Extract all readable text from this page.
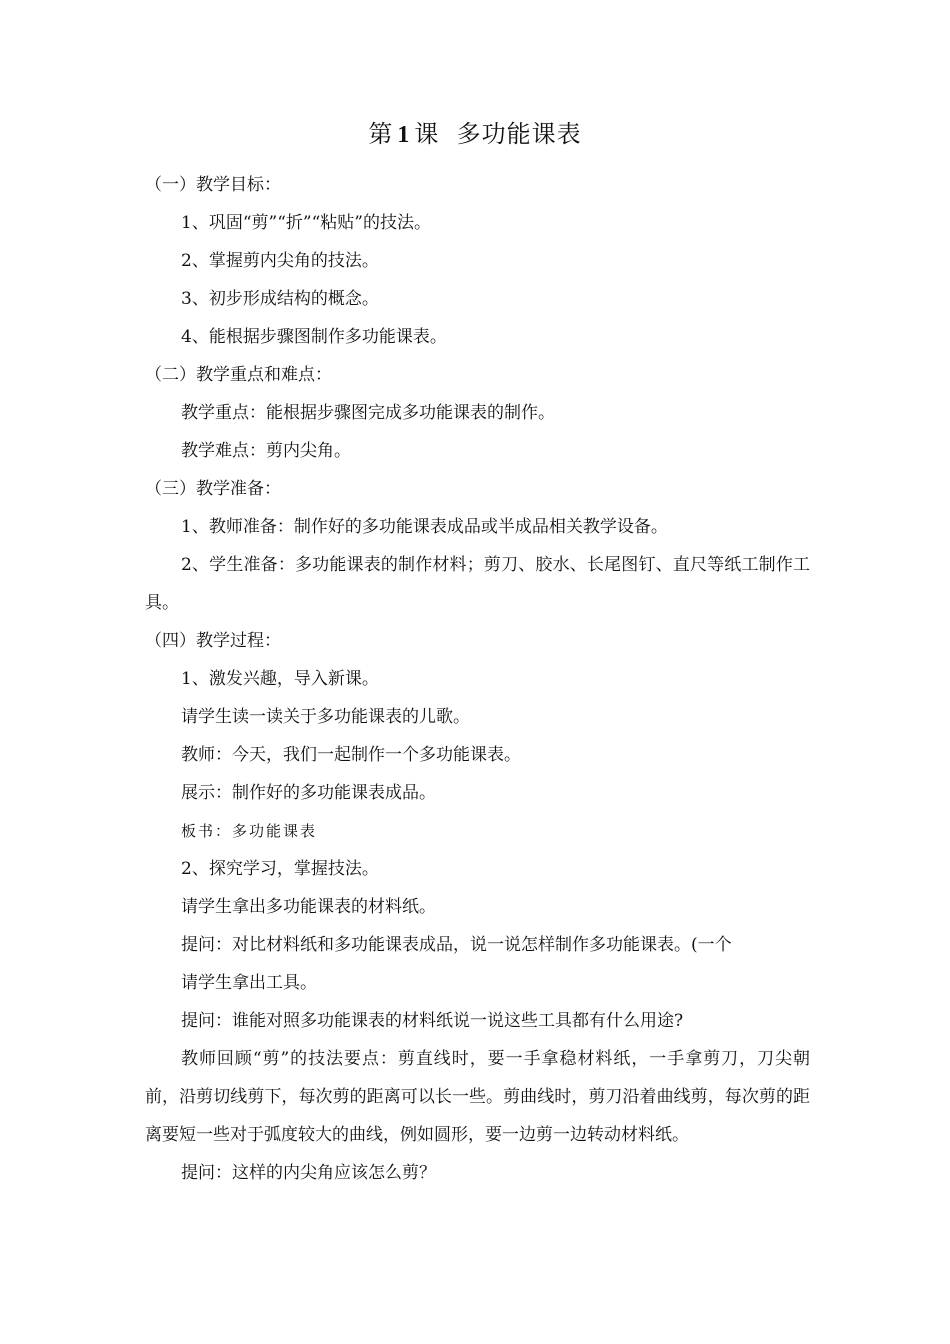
第 1 课  多功能课表

（一）教学目标：

1、巩固“剪”“折”“粘贴”的技法。

2、掌握剪内尖角的技法。

3、初步形成结构的概念。

4、能根据步骤图制作多功能课表。

（二）教学重点和难点：

教学重点：能根据步骤图完成多功能课表的制作。

教学难点：剪内尖角。

（三）教学准备：

1、教师准备：制作好的多功能课表成品或半成品相关教学设备。

2、学生准备：多功能课表的制作材料；剪刀、胶水、长尾图钉、直尺等纸工制作工具。

（四）教学过程：

1、激发兴趣，导入新课。

请学生读一读关于多功能课表的儿歌。

教师：今天，我们一起制作一个多功能课表。

展示：制作好的多功能课表成品。

板书：多功能课表

2、探究学习，掌握技法。

请学生拿出多功能课表的材料纸。

提问：对比材料纸和多功能课表成品，说一说怎样制作多功能课表。(一个

请学生拿出工具。

提问：谁能对照多功能课表的材料纸说一说这些工具都有什么用途?

教师回顾“剪”的技法要点：剪直线时，要一手拿稳材料纸，一手拿剪刀，刀尖朝前，沿剪切线剪下，每次剪的距离可以长一些。剪曲线时，剪刀沿着曲线剪，每次剪的距离要短一些对于弧度较大的曲线，例如圆形，要一边剪一边转动材料纸。

提问：这样的内尖角应该怎么剪？
